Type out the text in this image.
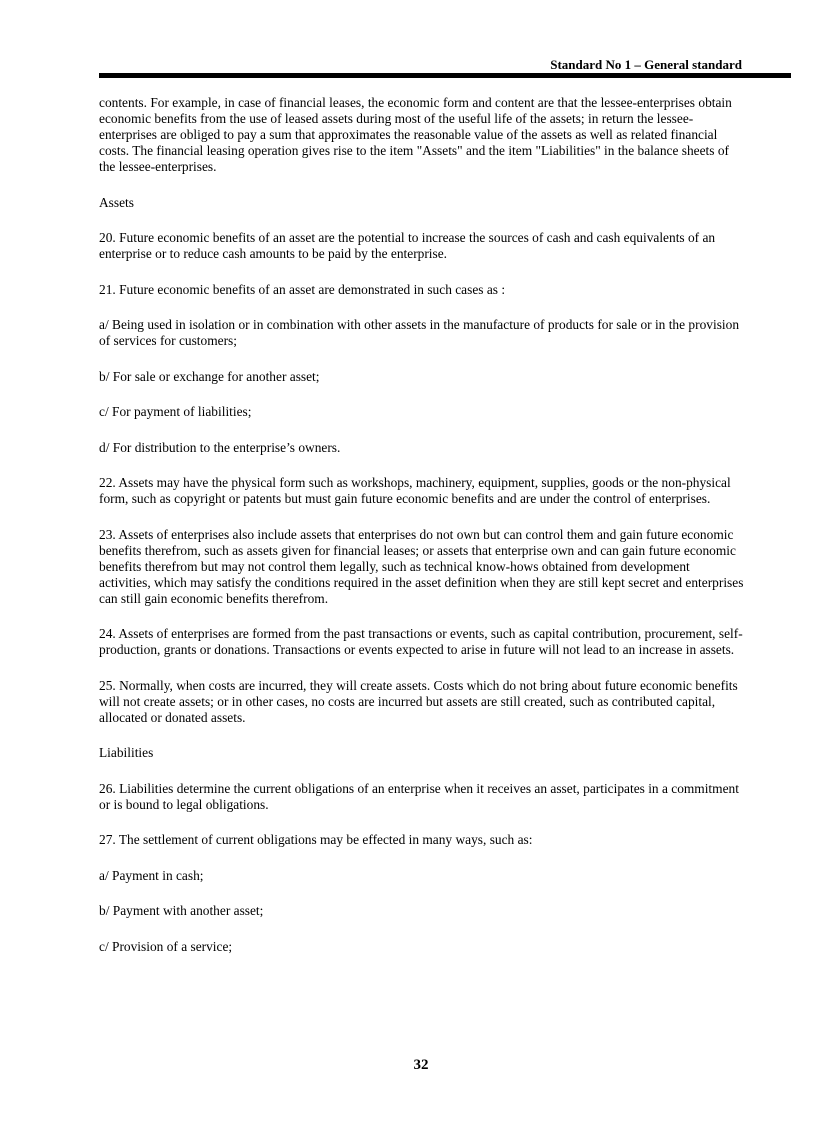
Standard No 1 – General standard

contents. For example, in case of financial leases, the economic form and content are that the lessee-enterprises obtain economic benefits from the use of leased assets during most of the useful life of the assets; in return the lessee-enterprises are obliged to pay a sum that approximates the reasonable value of the assets as well as related financial costs. The financial leasing operation gives rise to the item "Assets" and the item "Liabilities" in the balance sheets of the lessee-enterprises.

Assets

20. Future economic benefits of an asset are the potential to increase the sources of cash and cash equivalents of an enterprise or to reduce cash amounts to be paid by the enterprise.

21. Future economic benefits of an asset are demonstrated in such cases as :

a/ Being used in isolation or in combination with other assets in the manufacture of products for sale or in the provision of services for customers;

b/ For sale or exchange for another asset;

c/ For payment of liabilities;

d/ For distribution to the enterprise’s owners.

22. Assets may have the physical form such as workshops, machinery, equipment, supplies, goods or the non-physical form, such as copyright or patents but must gain future economic benefits and are under the control of enterprises.

23. Assets of enterprises also include assets that enterprises do not own but can control them and gain future economic benefits therefrom, such as assets given for financial leases; or assets that enterprise own and can gain future economic benefits therefrom but may not control them legally, such as technical know-hows obtained from development activities, which may satisfy the conditions required in the asset definition when they are still kept secret and enterprises can still gain economic benefits therefrom.

24. Assets of enterprises are formed from the past transactions or events, such as capital contribution, procurement, self-production, grants or donations. Transactions or events expected to arise in future will not lead to an increase in assets.

25. Normally, when costs are incurred, they will create assets. Costs which do not bring about future economic benefits will not create assets; or in other cases, no costs are incurred but assets are still created, such as contributed capital, allocated or donated assets.

Liabilities

26. Liabilities determine the current obligations of an enterprise when it receives an asset, participates in a commitment or is bound to legal obligations.

27. The settlement of current obligations may be effected in many ways, such as:

a/ Payment in cash;

b/ Payment with another asset;

c/ Provision of a service;

32
